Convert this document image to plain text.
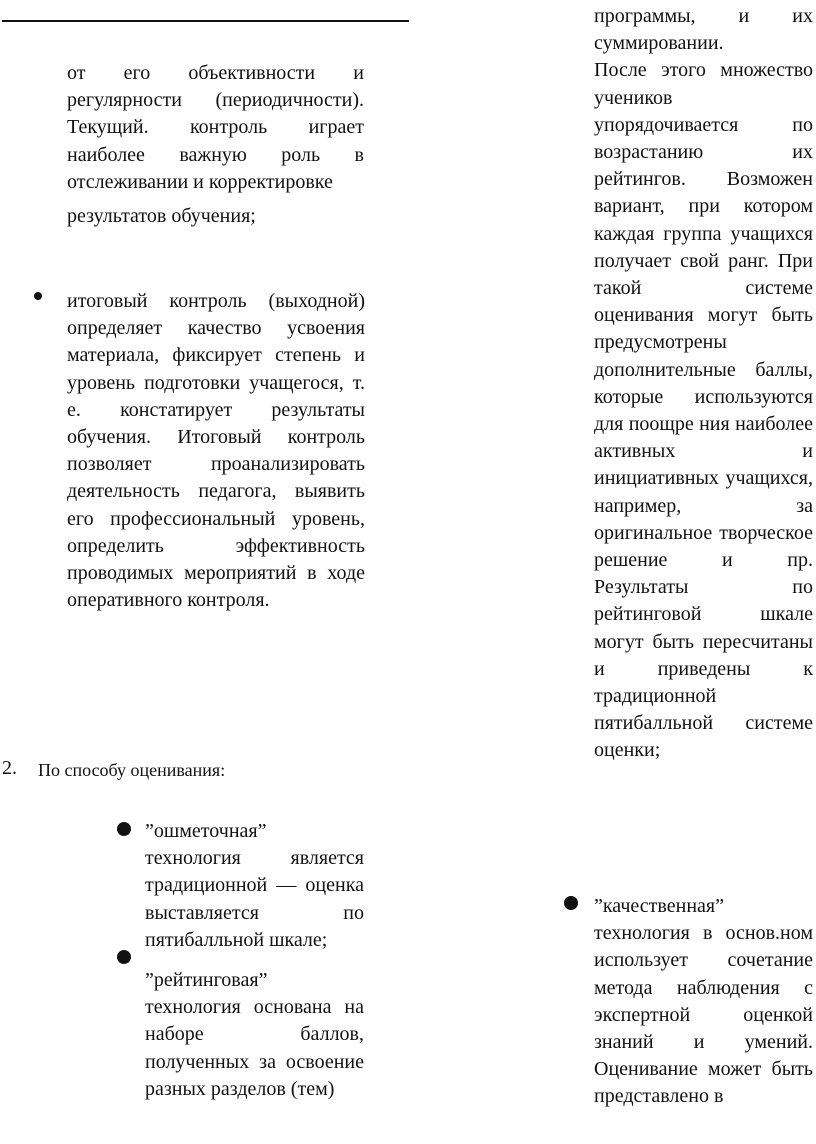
от его объективности и регулярности (периодичности). Текущий. контроль играет наиболее важную роль в отслеживании и корректировке

результатов обучения;

итоговый контроль (выходной) определяет качество усвоения материала, фиксирует степень и уровень подготовки учащегося, т. е. констатирует результаты обучения. Итоговый контроль позволяет проанализировать деятельность педагога, выявить его профессиональный уровень, определить эффективность проводимых мероприятий в ходе оперативного контроля.

2. По способу оценивания:

”ошметочная” технология является традиционной — оценка выставляется по пятибалльной шкале;

”рейтинговая” технология основана на наборе баллов, полученных за освоение разных разделов (тем)

программы, и их суммировании.

После этого множество учеников упорядочивается по возрастанию их рейтингов. Возможен вариант, при котором каждая группа учащихся получает свой ранг. При такой системе оценивания могут быть предусмотрены дополнительные баллы, которые используются для поощре ния наиболее активных и инициативных учащихся, например, за оригинальное творческое решение и пр. Результаты по рейтинговой шкале могут быть пересчитаны и приведены к традиционной пятибалльной системе оценки;

”качественная” технология в основ.ном использует сочетание метода наблюдения с экспертной оценкой знаний и умений. Оценивание может быть представлено в
